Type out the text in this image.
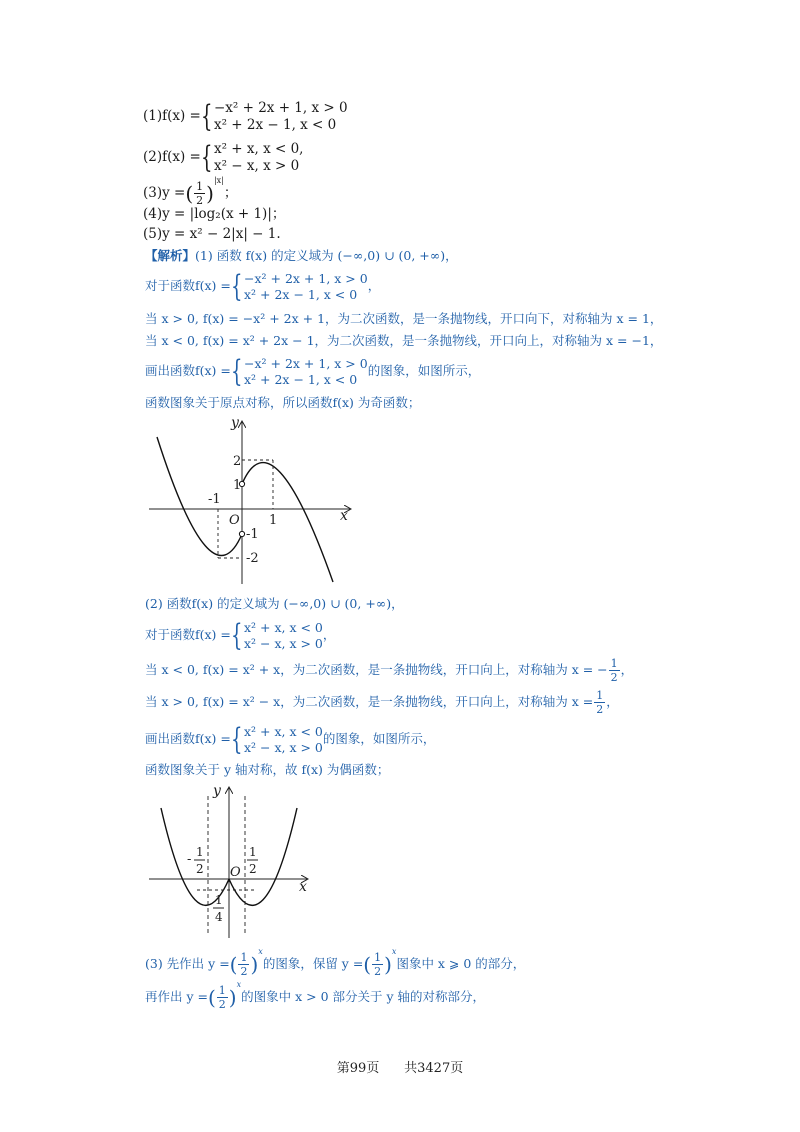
(1)f(x) ={ −x² + 2x + 1, x > 0
x² + 2x − 1, x < 0
(2)f(x) ={ x² + x, x < 0,
x² − x, x > 0
(3)y =( $\frac{1}{2} )^{|x|}$；
(4)y = |log₂(x + 1)|；
(5)y = x² − 2|x| − 1.
【解析】(1) 函数 f(x) 的定义域为 (−∞,0) ∪ (0, +∞)，
对于函数f(x) ={ −x² + 2x + 1, x > 0
x² + 2x − 1, x < 0
，
当 x > 0, f(x) = −x² + 2x + 1，为二次函数，是一条抛物线，开口向下，对称轴为 x = 1，
当 x < 0, f(x) = x² + 2x − 1，为二次函数，是一条抛物线，开口向上，对称轴为 x = −1，
画出函数f(x) ={ −x² + 2x + 1, x > 0
x² + 2x − 1, x < 0
的图象，如图所示，
函数图象关于原点对称，所以函数f(x) 为奇函数；
y
x
O
2
1
-1
1
-1
-2
(2) 函数f(x) 的定义域为 (−∞,0) ∪ (0, +∞)，
对于函数f(x) ={ x² + x, x < 0
x² − x, x > 0
，
当 x < 0, f(x) = x² + x，为二次函数，是一条抛物线，开口向上，对称轴为 x = − $\frac{1}{2}$ ，
当 x > 0, f(x) = x² − x，为二次函数，是一条抛物线，开口向上，对称轴为 $x = \frac{1}{2}$ ，
画出函数f(x) ={ x² + x, x < 0
x² − x, x > 0
的图象，如图所示，
函数图象关于 y 轴对称，故 f(x) 为偶函数；
y
x
O
- 1
2
1
2
1
4
(3) 先作出 y =( $\frac{1}{2} )^x$的图象，保留 y =( $\frac{1}{2} )^x$图象中 x ⩾ 0 的部分，
再作出 y =( $\frac{1}{2} )^x$的图象中 x > 0 部分关于 y 轴的对称部分，
第99页 共3427页
